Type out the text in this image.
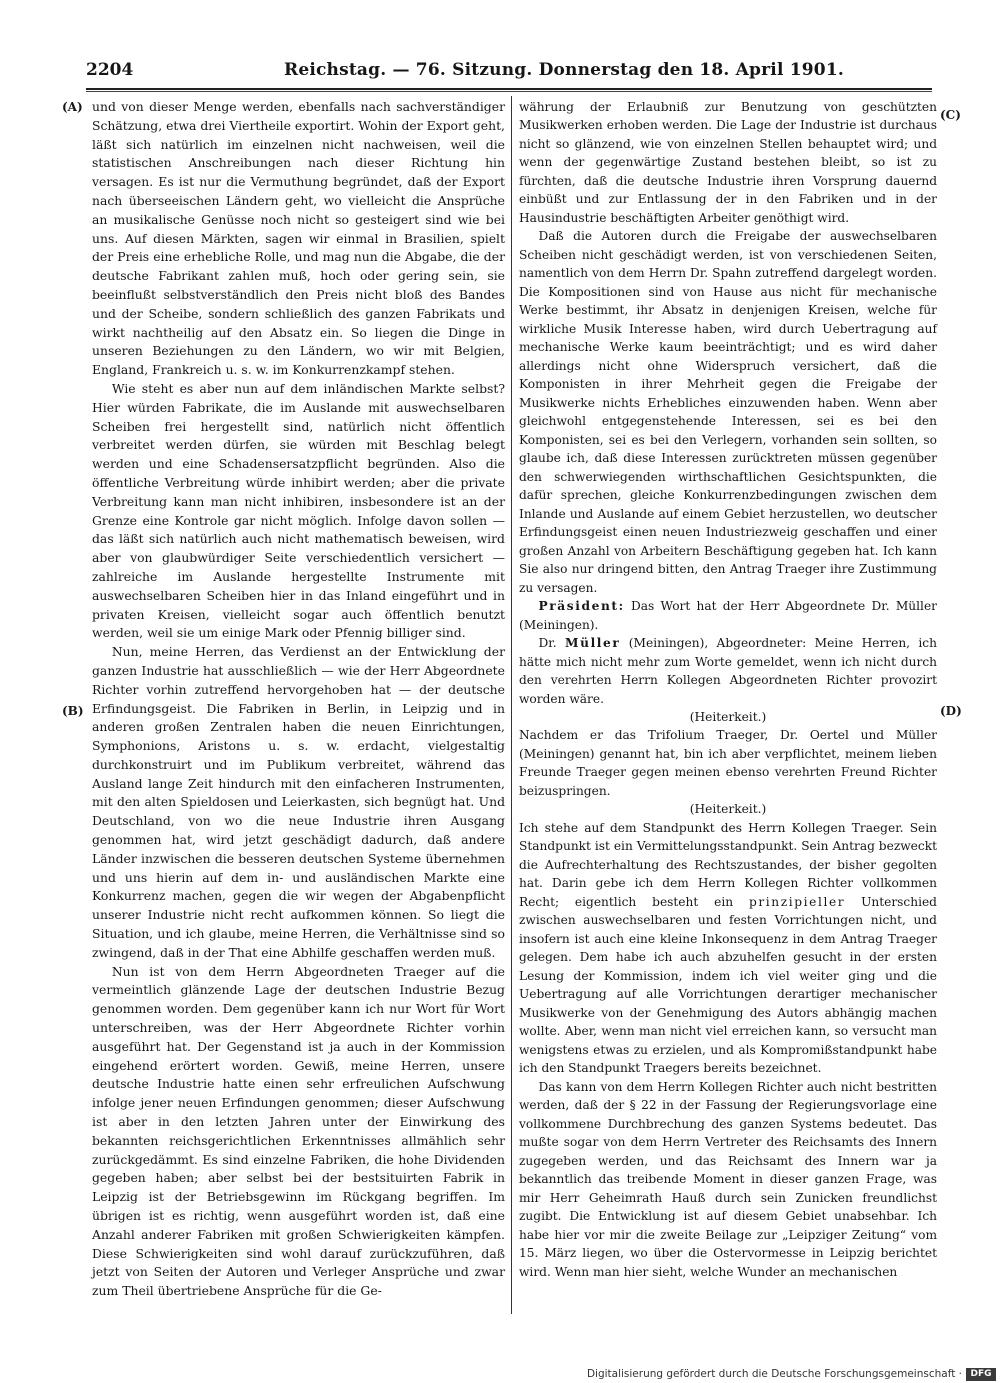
2204	Reichstag. — 76. Sitzung. Donnerstag den 18. April 1901.
(A)
(B)
(C)
(D)

und von dieser Menge werden, ebenfalls nach sachverständiger Schätzung, etwa drei Viertheile exportirt. Wohin der Export geht, läßt sich natürlich im einzelnen nicht nachweisen, weil die statistischen Anschreibungen nach dieser Richtung hin versagen. Es ist nur die Vermuthung begründet, daß der Export nach überseeischen Ländern geht, wo vielleicht die Ansprüche an musikalische Genüsse noch nicht so gesteigert sind wie bei uns. Auf diesen Märkten, sagen wir einmal in Brasilien, spielt der Preis eine erhebliche Rolle, und mag nun die Abgabe, die der deutsche Fabrikant zahlen muß, hoch oder gering sein, sie beeinflußt selbstverständlich den Preis nicht bloß des Bandes und der Scheibe, sondern schließlich des ganzen Fabrikats und wirkt nachtheilig auf den Absatz ein. So liegen die Dinge in unseren Beziehungen zu den Ländern, wo wir mit Belgien, England, Frankreich u. s. w. im Konkurrenzkampf stehen.

Wie steht es aber nun auf dem inländischen Markte selbst? Hier würden Fabrikate, die im Auslande mit auswechselbaren Scheiben frei hergestellt sind, natürlich nicht öffentlich verbreitet werden dürfen, sie würden mit Beschlag belegt werden und eine Schadensersatzpflicht begründen. Also die öffentliche Verbreitung würde inhibirt werden; aber die private Verbreitung kann man nicht inhibiren, insbesondere ist an der Grenze eine Kontrole gar nicht möglich. Infolge davon sollen — das läßt sich natürlich auch nicht mathematisch beweisen, wird aber von glaubwürdiger Seite verschiedentlich versichert — zahlreiche im Auslande hergestellte Instrumente mit auswechselbaren Scheiben hier in das Inland eingeführt und in privaten Kreisen, vielleicht sogar auch öffentlich benutzt werden, weil sie um einige Mark oder Pfennig billiger sind.

Nun, meine Herren, das Verdienst an der Entwicklung der ganzen Industrie hat ausschließlich — wie der Herr Abgeordnete Richter vorhin zutreffend hervorgehoben hat — der deutsche Erfindungsgeist. Die Fabriken in Berlin, in Leipzig und in anderen großen Zentralen haben die neuen Einrichtungen, Symphonions, Aristons u. s. w. erdacht, vielgestaltig durchkonstruirt und im Publikum verbreitet, während das Ausland lange Zeit hindurch mit den einfacheren Instrumenten, mit den alten Spieldosen und Leierkasten, sich begnügt hat. Und Deutschland, von wo die neue Industrie ihren Ausgang genommen hat, wird jetzt geschädigt dadurch, daß andere Länder inzwischen die besseren deutschen Systeme übernehmen und uns hierin auf dem in- und ausländischen Markte eine Konkurrenz machen, gegen die wir wegen der Abgabenpflicht unserer Industrie nicht recht aufkommen können. So liegt die Situation, und ich glaube, meine Herren, die Verhältnisse sind so zwingend, daß in der That eine Abhilfe geschaffen werden muß.

Nun ist von dem Herrn Abgeordneten Traeger auf die vermeintlich glänzende Lage der deutschen Industrie Bezug genommen worden. Dem gegenüber kann ich nur Wort für Wort unterschreiben, was der Herr Abgeordnete Richter vorhin ausgeführt hat. Der Gegenstand ist ja auch in der Kommission eingehend erörtert worden. Gewiß, meine Herren, unsere deutsche Industrie hatte einen sehr erfreulichen Aufschwung infolge jener neuen Erfindungen genommen; dieser Aufschwung ist aber in den letzten Jahren unter der Einwirkung des bekannten reichsgerichtlichen Erkenntnisses allmählich sehr zurückgedämmt. Es sind einzelne Fabriken, die hohe Dividenden gegeben haben; aber selbst bei der bestsituirten Fabrik in Leipzig ist der Betriebsgewinn im Rückgang begriffen. Im übrigen ist es richtig, wenn ausgeführt worden ist, daß eine Anzahl anderer Fabriken mit großen Schwierigkeiten kämpfen. Diese Schwierigkeiten sind wohl darauf zurückzuführen, daß jetzt von Seiten der Autoren und Verleger Ansprüche und zwar zum Theil übertriebene Ansprüche für die Ge-

währung der Erlaubniß zur Benutzung von geschützten Musikwerken erhoben werden. Die Lage der Industrie ist durchaus nicht so glänzend, wie von einzelnen Stellen behauptet wird; und wenn der gegenwärtige Zustand bestehen bleibt, so ist zu fürchten, daß die deutsche Industrie ihren Vorsprung dauernd einbüßt und zur Entlassung der in den Fabriken und in der Hausindustrie beschäftigten Arbeiter genöthigt wird.

Daß die Autoren durch die Freigabe der auswechselbaren Scheiben nicht geschädigt werden, ist von verschiedenen Seiten, namentlich von dem Herrn Dr. Spahn zutreffend dargelegt worden. Die Kompositionen sind von Hause aus nicht für mechanische Werke bestimmt, ihr Absatz in denjenigen Kreisen, welche für wirkliche Musik Interesse haben, wird durch Uebertragung auf mechanische Werke kaum beeinträchtigt; und es wird daher allerdings nicht ohne Widerspruch versichert, daß die Komponisten in ihrer Mehrheit gegen die Freigabe der Musikwerke nichts Erhebliches einzuwenden haben. Wenn aber gleichwohl entgegenstehende Interessen, sei es bei den Komponisten, sei es bei den Verlegern, vorhanden sein sollten, so glaube ich, daß diese Interessen zurücktreten müssen gegenüber den schwerwiegenden wirthschaftlichen Gesichtspunkten, die dafür sprechen, gleiche Konkurrenzbedingungen zwischen dem Inlande und Auslande auf einem Gebiet herzustellen, wo deutscher Erfindungsgeist einen neuen Industriezweig geschaffen und einer großen Anzahl von Arbeitern Beschäftigung gegeben hat. Ich kann Sie also nur dringend bitten, den Antrag Traeger ihre Zustimmung zu versagen.

Präsident: Das Wort hat der Herr Abgeordnete Dr. Müller (Meiningen).

Dr. Müller (Meiningen), Abgeordneter: Meine Herren, ich hätte mich nicht mehr zum Worte gemeldet, wenn ich nicht durch den verehrten Herrn Kollegen Abgeordneten Richter provozirt worden wäre.

(Heiterkeit.)

Nachdem er das Trifolium Traeger, Dr. Oertel und Müller (Meiningen) genannt hat, bin ich aber verpflichtet, meinem lieben Freunde Traeger gegen meinen ebenso verehrten Freund Richter beizuspringen.

(Heiterkeit.)

Ich stehe auf dem Standpunkt des Herrn Kollegen Traeger. Sein Standpunkt ist ein Vermittelungsstandpunkt. Sein Antrag bezweckt die Aufrechterhaltung des Rechtszustandes, der bisher gegolten hat. Darin gebe ich dem Herrn Kollegen Richter vollkommen Recht; eigentlich besteht ein prinzipieller Unterschied zwischen auswechselbaren und festen Vorrichtungen nicht, und insofern ist auch eine kleine Inkonsequenz in dem Antrag Traeger gelegen. Dem habe ich auch abzuhelfen gesucht in der ersten Lesung der Kommission, indem ich viel weiter ging und die Uebertragung auf alle Vorrichtungen derartiger mechanischer Musikwerke von der Genehmigung des Autors abhängig machen wollte. Aber, wenn man nicht viel erreichen kann, so versucht man wenigstens etwas zu erzielen, und als Kompromißstandpunkt habe ich den Standpunkt Traegers bereits bezeichnet.

Das kann von dem Herrn Kollegen Richter auch nicht bestritten werden, daß der § 22 in der Fassung der Regierungsvorlage eine vollkommene Durchbrechung des ganzen Systems bedeutet. Das mußte sogar von dem Herrn Vertreter des Reichsamts des Innern zugegeben werden, und das Reichsamt des Innern war ja bekanntlich das treibende Moment in dieser ganzen Frage, was mir Herr Geheimrath Hauß durch sein Zunicken freundlichst zugibt. Die Entwicklung ist auf diesem Gebiet unabsehbar. Ich habe hier vor mir die zweite Beilage zur „Leipziger Zeitung“ vom 15. März liegen, wo über die Ostervormesse in Leipzig berichtet wird. Wenn man hier sieht, welche Wunder an mechanischen

Digitalisierung gefördert durch die Deutsche Forschungsgemeinschaft · DFG
